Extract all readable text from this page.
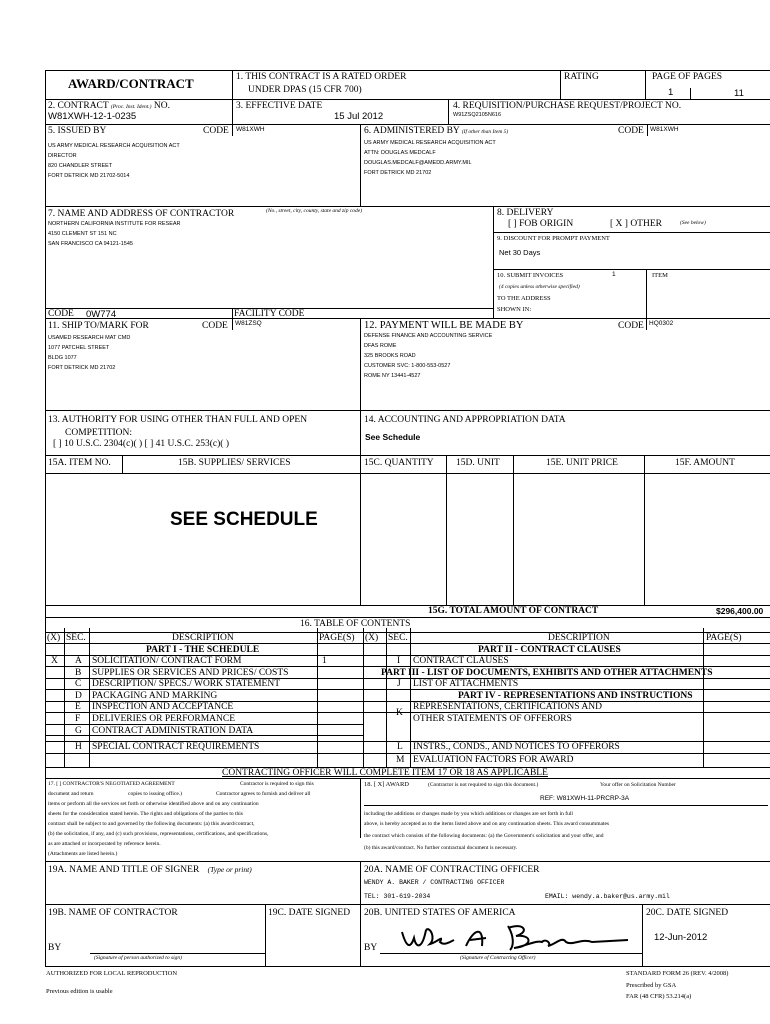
AWARD/CONTRACT	1. THIS CONTRACT IS A RATED ORDER
UNDER DPAS (15 CFR 700)
RATING	PAGE OF PAGES
1	11
2. CONTRACT (Proc. Inst. Ident.) NO.
W81XWH-12-1-0235
3. EFFECTIVE DATE
15 Jul 2012
4. REQUISITION/PURCHASE REQUEST/PROJECT NO.
W91ZSQ2105N616
5. ISSUED BY	CODE W81XWH
US ARMY MEDICAL RESEARCH ACQUISITION ACT
DIRECTOR
820 CHANDLER STREET
FORT DETRICK MD 21702-5014
6. ADMINISTERED BY (If other than Item 5)	CODE W81XWH
US ARMY MEDICAL RESEARCH ACQUISITION ACT
ATTN: DOUGLAS MEDCALF
DOUGLAS.MEDCALF@AMEDD.ARMY.MIL
FORT DETRICK MD 21702
7. NAME AND ADDRESS OF CONTRACTOR	(No., street, city, county, state and zip code)
NORTHERN CALIFORNIA INSTITUTE FOR RESEAR
4150 CLEMENT ST 151 NC
SAN FRANCISCO CA 94121-1545
CODE 0W774	FACILITY CODE
8. DELIVERY
[ ] FOB ORIGIN	[ X ] OTHER	(See below)
9. DISCOUNT FOR PROMPT PAYMENT
Net 30 Days
10. SUBMIT INVOICES	1
(4 copies unless otherwise specified)
TO THE ADDRESS
SHOWN IN:
ITEM
11. SHIP TO/MARK FOR	CODE W81ZSQ
USAMED RESEARCH MAT CMD
1077 PATCHEL STREET
BLDG 1077
FORT DETRICK MD 21702
12. PAYMENT WILL BE MADE BY	CODE HQ0302
DEFENSE FINANCE AND ACCOUNTING SERVICE
DFAS ROME
325 BROOKS ROAD
CUSTOMER SVC: 1-800-553-0527
ROME NY 13441-4527
13. AUTHORITY FOR USING OTHER THAN FULL AND OPEN
COMPETITION:
[ ] 10 U.S.C. 2304(c)( ) [ ] 41 U.S.C. 253(c)( )
14. ACCOUNTING AND APPROPRIATION DATA
See Schedule
15A. ITEM NO.	15B. SUPPLIES/ SERVICES	15C. QUANTITY 15D. UNIT	15E. UNIT PRICE	15F. AMOUNT
SEE SCHEDULE
15G. TOTAL AMOUNT OF CONTRACT	$296,400.00
16. TABLE OF CONTENTS
(X) SEC.	DESCRIPTION	PAGE(S) (X) SEC.	DESCRIPTION	PAGE(S)
PART I - THE SCHEDULE	PART II - CONTRACT CLAUSES
X A SOLICITATION/ CONTRACT FORM	1
B SUPPLIES OR SERVICES AND PRICES/ COSTS
C DESCRIPTION/ SPECS./ WORK STATEMENT
D PACKAGING AND MARKING
E INSPECTION AND ACCEPTANCE
F DELIVERIES OR PERFORMANCE
G CONTRACT ADMINISTRATION DATA
H SPECIAL CONTRACT REQUIREMENTS
I CONTRACT CLAUSES
PART III - LIST OF DOCUMENTS, EXHIBITS AND OTHER ATTACHMENTS
J LIST OF ATTACHMENTS
PART IV - REPRESENTATIONS AND INSTRUCTIONS
K
REPRESENTATIONS, CERTIFICATIONS AND
OTHER STATEMENTS OF OFFERORS
L INSTRS., CONDS., AND NOTICES TO OFFERORS
M EVALUATION FACTORS FOR AWARD
CONTRACTING OFFICER WILL COMPLETE ITEM 17 OR 18 AS APPLICABLE
17. [ ] CONTRACTOR'S NEGOTIATED AGREEMENT	Contractor is required to sign this
document and return	copies to issuing office.)	Contractor agrees to furnish and deliver all
items or perform all the services set forth or otherwise identified above and on any continuation
sheets for the consideration stated herein. The rights and obligations of the parties to this
contract shall be subject to and governed by the following documents: (a) this award/contract,
(b) the solicitation, if any, and (c) such provisions, representations, certifications, and specifications,
as are attached or incorporated by reference herein.
(Attachments are listed herein.)
18. [ X] AWARD	(Contractor is not required to sign this document.)	Your offer on Solicitation Number
REF: W81XWH-11-PRCRP-3A
including the additions or changes made by you which additions or changes are set forth in full
above, is hereby accepted as to the items listed above and on any continuation sheets. This award consummates
the contract which consists of the following documents: (a) the Government's solicitation and your offer, and
(b) this award/contract. No further contractual document is necessary.
19A. NAME AND TITLE OF SIGNER (Type or print)	20A. NAME OF CONTRACTING OFFICER
WENDY A. BAKER / CONTRACTING OFFICER
TEL: 301-619-2034	EMAIL: wendy.a.baker@us.army.mil
19B. NAME OF CONTRACTOR	19C. DATE SIGNED 20B. UNITED STATES OF AMERICA	20C. DATE SIGNED
BY
(Signature of person authorized to sign)
BY
(Signature of Contracting Officer)
12-Jun-2012
AUTHORIZED FOR LOCAL REPRODUCTION
Previous edition is usable
STANDARD FORM 26 (REV. 4/2008)
Prescribed by GSA
FAR (48 CFR) 53.214(a)
